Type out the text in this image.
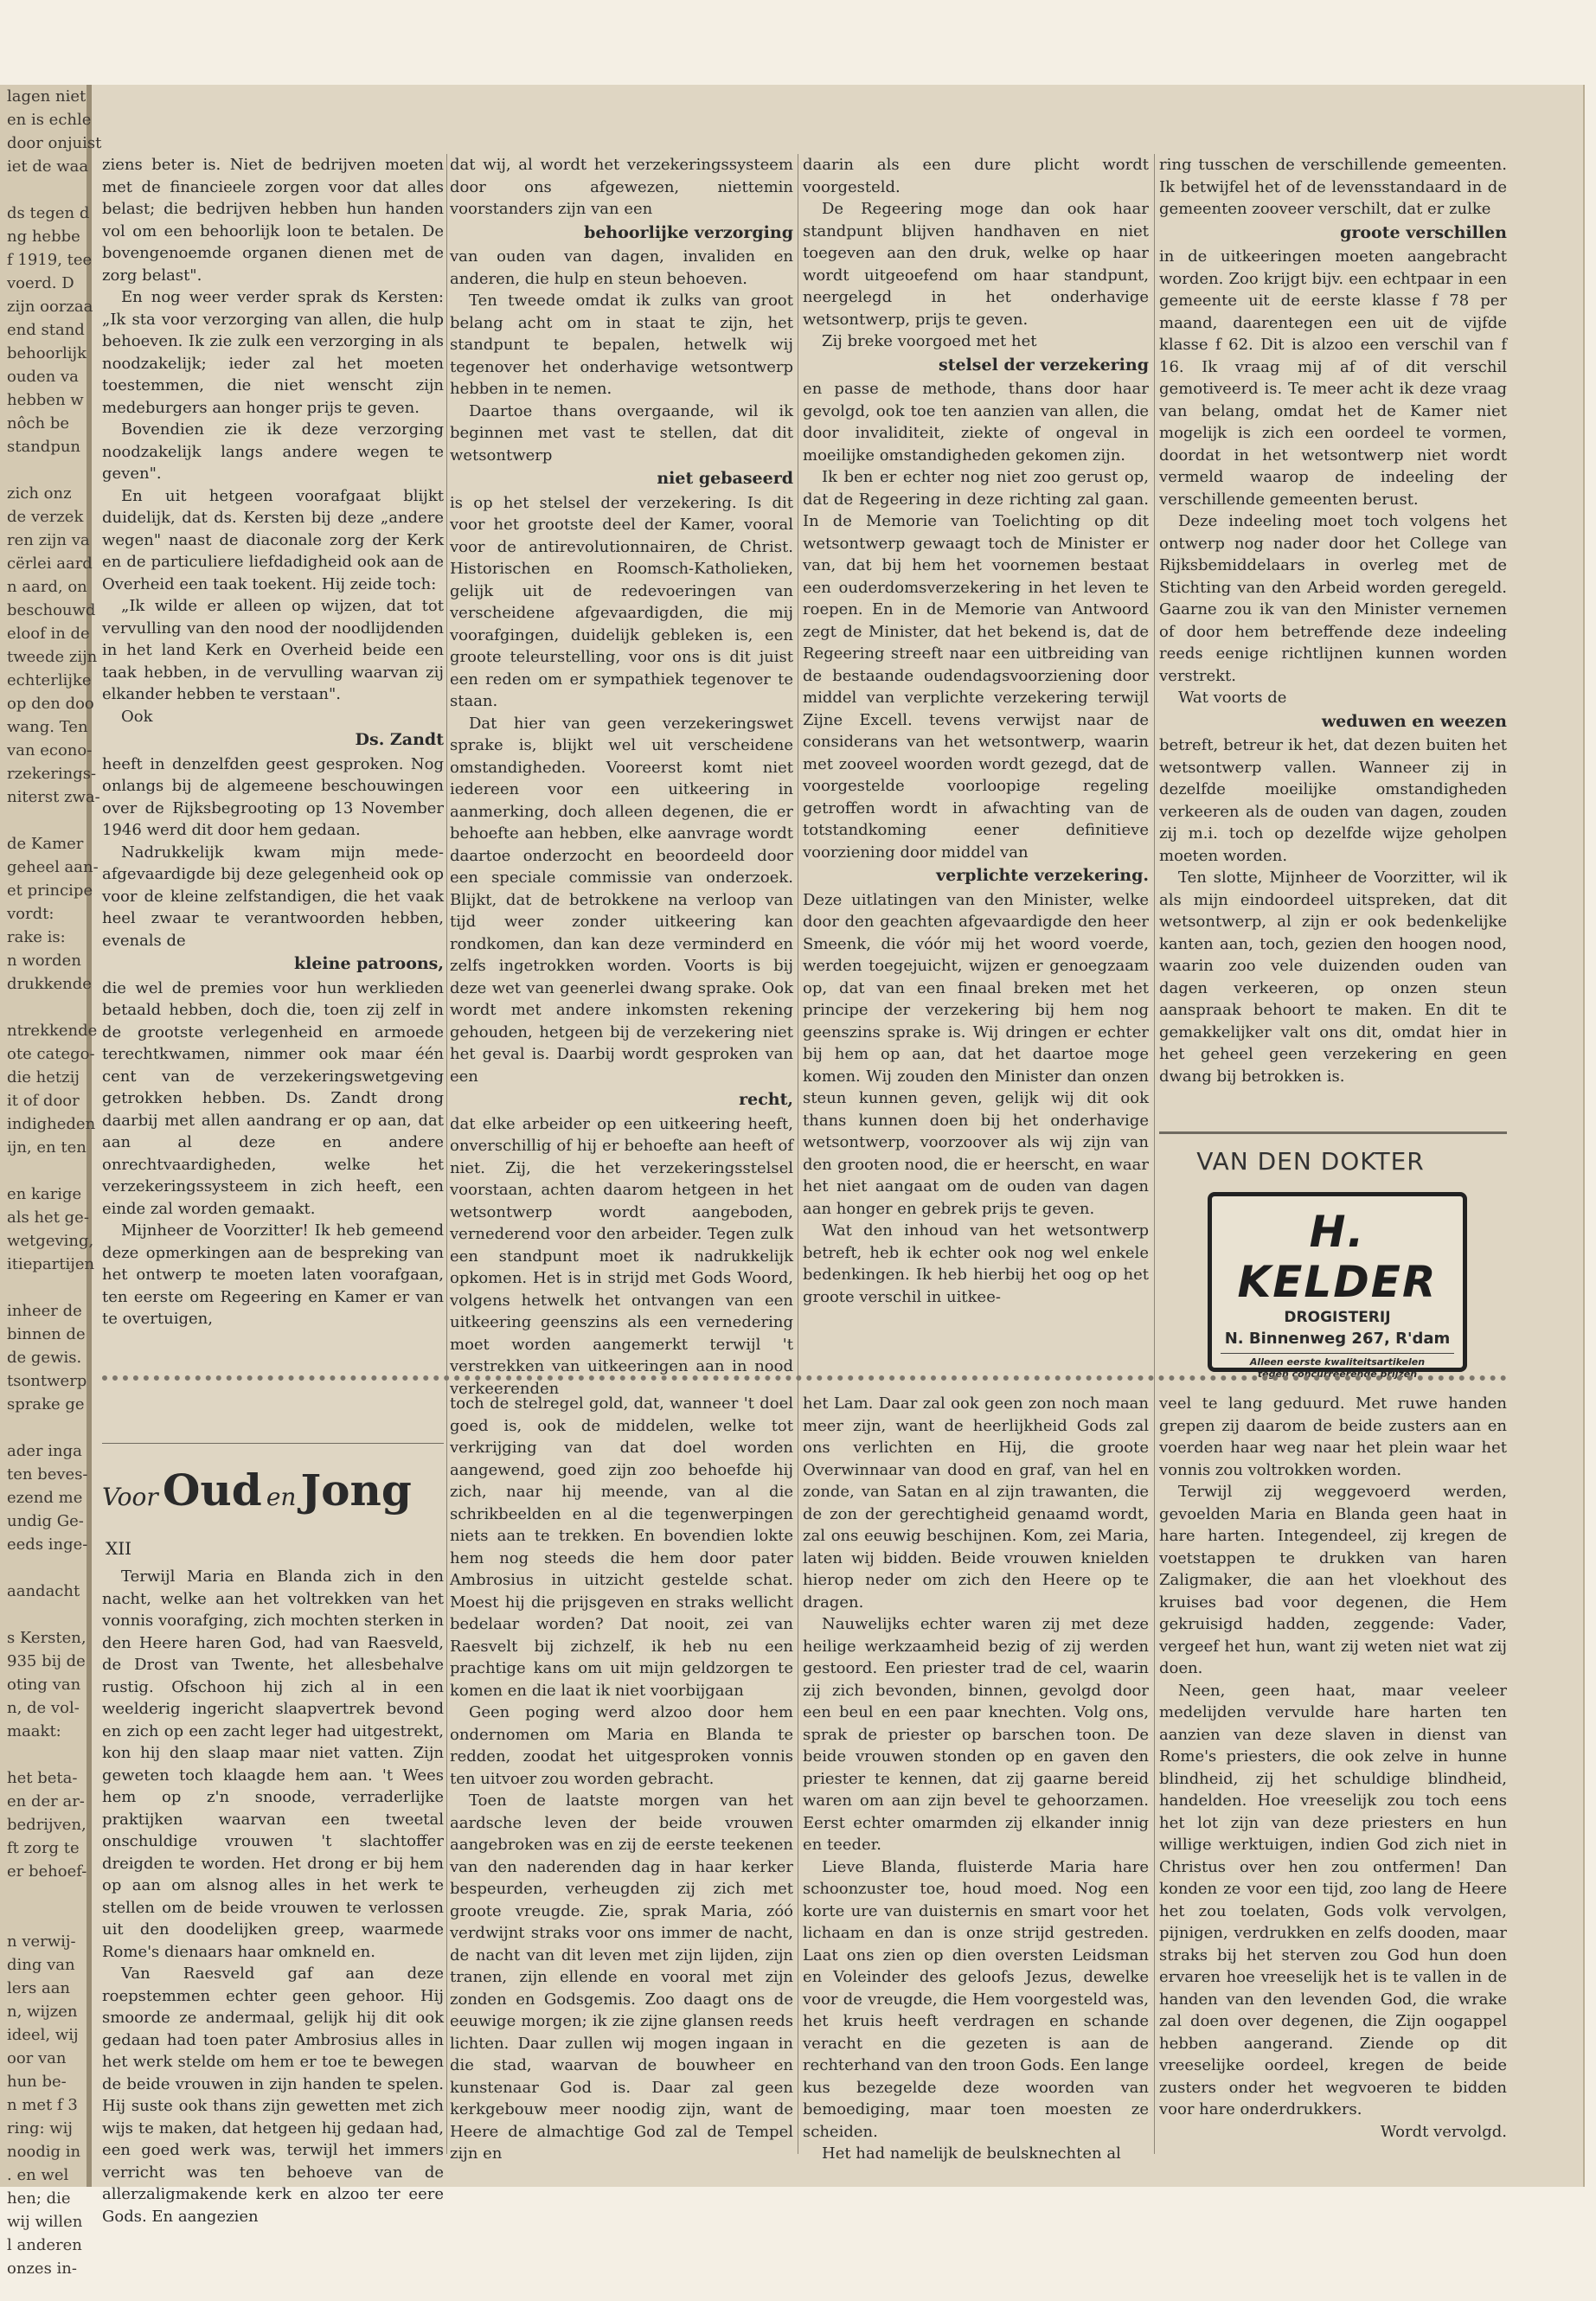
lagen niet

en is echle

door onjuist

iet de waa

ds tegen d

ng hebbe

f 1919, tee

voerd. D

zijn oorzaa

end stand

behoorlijk

ouden va

hebben w

nôch be

standpun

zich onz

de verzek

ren zijn va

cërlei aard

n aard, on

beschouwd

eloof in de

tweede zijn

echterlijke

op den doo

wang. Ten

van econo-

rzekerings-

niterst zwa-

de Kamer

geheel aan-

et principe

vordt:

rake is:

n worden

drukkende

ntrekkende

ote catego-

die hetzij

it of door

indigheden

ijn, en ten

en karige

als het ge-

wetgeving,

itiepartijen

inheer de

binnen de

de gewis.

tsontwerp

sprake ge

ader inga

ten beves-

ezend me

undig Ge-

eeds inge-

aandacht

s Kersten,

935 bij de

oting van

n, de vol-

maakt:

het beta-

en der ar-

bedrijven,

ft zorg te

er behoef-

n verwij-

ding van

lers aan

n, wijzen

ideel, wij

oor van

hun be-

n met f 3

ring: wij

noodig in

. en wel

hen; die

wij willen

l anderen

onzes in-

ziens beter is. Niet de bedrijven moeten met de financieele zorgen voor dat alles belast; die bedrijven hebben hun handen vol om een behoorlijk loon te betalen. De bovengenoemde organen dienen met de zorg belast".

En nog weer verder sprak ds Kersten: „Ik sta voor verzorging van allen, die hulp behoeven. Ik zie zulk een verzorging in als noodzakelijk; ieder zal het moeten toestemmen, die niet wenscht zijn medeburgers aan honger prijs te geven.

Bovendien zie ik deze verzorging noodzakelijk langs andere wegen te geven".

En uit hetgeen voorafgaat blijkt duidelijk, dat ds. Kersten bij deze „andere wegen" naast de diaconale zorg der Kerk en de particuliere liefdadigheid ook aan de Overheid een taak toekent. Hij zeide toch:

„Ik wilde er alleen op wijzen, dat tot vervulling van den nood der noodlijdenden in het land Kerk en Overheid beide een taak hebben, in de vervulling waarvan zij elkander hebben te verstaan".

Ook

Ds. Zandt

heeft in denzelfden geest gesproken. Nog onlangs bij de algemeene beschouwingen over de Rijksbegrooting op 13 November 1946 werd dit door hem gedaan.

Nadrukkelijk kwam mijn mede-afgevaardigde bij deze gelegenheid ook op voor de kleine zelfstandigen, die het vaak heel zwaar te verantwoorden hebben, evenals de

kleine patroons,

die wel de premies voor hun werklieden betaald hebben, doch die, toen zij zelf in de grootste verlegenheid en armoede terechtkwamen, nimmer ook maar één cent van de verzekeringswetgeving getrokken hebben. Ds. Zandt drong daarbij met allen aandrang er op aan, dat aan al deze en andere onrechtvaardigheden, welke het verzekeringssysteem in zich heeft, een einde zal worden gemaakt.

Mijnheer de Voorzitter! Ik heb gemeend deze opmerkingen aan de bespreking van het ontwerp te moeten laten voorafgaan, ten eerste om Regeering en Kamer er van te overtuigen,

dat wij, al wordt het verzekeringssysteem door ons afgewezen, niettemin voorstanders zijn van een

behoorlijke verzorging

van ouden van dagen, invaliden en anderen, die hulp en steun behoeven.

Ten tweede omdat ik zulks van groot belang acht om in staat te zijn, het standpunt te bepalen, hetwelk wij tegenover het onderhavige wetsontwerp hebben in te nemen.

Daartoe thans overgaande, wil ik beginnen met vast te stellen, dat dit wetsontwerp

niet gebaseerd

is op het stelsel der verzekering. Is dit voor het grootste deel der Kamer, vooral voor de antirevolutionnairen, de Christ. Historischen en Roomsch-Katholieken, gelijk uit de redevoeringen van verscheidene afgevaardigden, die mij voorafgingen, duidelijk gebleken is, een groote teleurstelling, voor ons is dit juist een reden om er sympathiek tegenover te staan.

Dat hier van geen verzekeringswet sprake is, blijkt wel uit verscheidene omstandigheden. Vooreerst komt niet iedereen voor een uitkeering in aanmerking, doch alleen degenen, die er behoefte aan hebben, elke aanvrage wordt daartoe onderzocht en beoordeeld door een speciale commissie van onderzoek. Blijkt, dat de betrokkene na verloop van tijd weer zonder uitkeering kan rondkomen, dan kan deze verminderd en zelfs ingetrokken worden. Voorts is bij deze wet van geenerlei dwang sprake. Ook wordt met andere inkomsten rekening gehouden, hetgeen bij de verzekering niet het geval is. Daarbij wordt gesproken van een

recht,

dat elke arbeider op een uitkeering heeft, onverschillig of hij er behoefte aan heeft of niet. Zij, die het verzekeringsstelsel voorstaan, achten daarom hetgeen in het wetsontwerp wordt aangeboden, vernederend voor den arbeider. Tegen zulk een standpunt moet ik nadrukkelijk opkomen. Het is in strijd met Gods Woord, volgens hetwelk het ontvangen van een uitkeering geenszins als een vernedering moet worden aangemerkt terwijl 't verstrekken van uitkeeringen aan in nood verkeerenden

daarin als een dure plicht wordt voorgesteld.

De Regeering moge dan ook haar standpunt blijven handhaven en niet toegeven aan den druk, welke op haar wordt uitgeoefend om haar standpunt, neergelegd in het onderhavige wetsontwerp, prijs te geven.

Zij breke voorgoed met het

stelsel der verzekering

en passe de methode, thans door haar gevolgd, ook toe ten aanzien van allen, die door invaliditeit, ziekte of ongeval in moeilijke omstandigheden gekomen zijn.

Ik ben er echter nog niet zoo gerust op, dat de Regeering in deze richting zal gaan. In de Memorie van Toelichting op dit wetsontwerp gewaagt toch de Minister er van, dat bij hem het voornemen bestaat een ouderdomsverzekering in het leven te roepen. En in de Memorie van Antwoord zegt de Minister, dat het bekend is, dat de Regeering streeft naar een uitbreiding van de bestaande oudendagsvoorziening door middel van verplichte verzekering terwijl Zijne Excell. tevens verwijst naar de considerans van het wetsontwerp, waarin met zooveel woorden wordt gezegd, dat de voorgestelde voorloopige regeling getroffen wordt in afwachting van de totstandkoming eener definitieve voorziening door middel van

verplichte verzekering.

Deze uitlatingen van den Minister, welke door den geachten afgevaardigde den heer Smeenk, die vóór mij het woord voerde, werden toegejuicht, wijzen er genoegzaam op, dat van een finaal breken met het principe der verzekering bij hem nog geenszins sprake is. Wij dringen er echter bij hem op aan, dat het daartoe moge komen. Wij zouden den Minister dan onzen steun kunnen geven, gelijk wij dit ook thans kunnen doen bij het onderhavige wetsontwerp, voorzoover als wij zijn van den grooten nood, die er heerscht, en waar het niet aangaat om de ouden van dagen aan honger en gebrek prijs te geven.

Wat den inhoud van het wetsontwerp betreft, heb ik echter ook nog wel enkele bedenkingen. Ik heb hierbij het oog op het groote verschil in uitkee-

ring tusschen de verschillende gemeenten. Ik betwijfel het of de levensstandaard in de gemeenten zooveer verschilt, dat er zulke

groote verschillen

in de uitkeeringen moeten aangebracht worden. Zoo krijgt bijv. een echtpaar in een gemeente uit de eerste klasse f 78 per maand, daarentegen een uit de vijfde klasse f 62. Dit is alzoo een verschil van f 16. Ik vraag mij af of dit verschil gemotiveerd is. Te meer acht ik deze vraag van belang, omdat het de Kamer niet mogelijk is zich een oordeel te vormen, doordat in het wetsontwerp niet wordt vermeld waarop de indeeling der verschillende gemeenten berust.

Deze indeeling moet toch volgens het ontwerp nog nader door het College van Rijksbemiddelaars in overleg met de Stichting van den Arbeid worden geregeld. Gaarne zou ik van den Minister vernemen of door hem betreffende deze indeeling reeds eenige richtlijnen kunnen worden verstrekt.

Wat voorts de

weduwen en weezen

betreft, betreur ik het, dat dezen buiten het wetsontwerp vallen. Wanneer zij in dezelfde moeilijke omstandigheden verkeeren als de ouden van dagen, zouden zij m.i. toch op dezelfde wijze geholpen moeten worden.

Ten slotte, Mijnheer de Voorzitter, wil ik als mijn eindoordeel uitspreken, dat dit wetsontwerp, al zijn er ook bedenkelijke kanten aan, toch, gezien den hoogen nood, waarin zoo vele duizenden ouden van dagen verkeeren, op onzen steun aanspraak behoort te maken. En dit te gemakkelijker valt ons dit, omdat hier in het geheel geen verzekering en geen dwang bij betrokken is.

VAN DEN DOKTER
H. KELDER
DROGISTERIJ
N. Binnenweg 267, R'dam
Alleen eerste kwaliteitsartikelen
tegen concurreerende prijzen
Voor Oud en Jong
XII

Terwijl Maria en Blanda zich in den nacht, welke aan het voltrekken van het vonnis voorafging, zich mochten sterken in den Heere haren God, had van Raesveld, de Drost van Twente, het allesbehalve rustig. Ofschoon hij zich al in een weelderig ingericht slaapvertrek bevond en zich op een zacht leger had uitgestrekt, kon hij den slaap maar niet vatten. Zijn geweten toch klaagde hem aan. 't Wees hem op z'n snoode, verraderlijke praktijken waarvan een tweetal onschuldige vrouwen 't slachtoffer dreigden te worden. Het drong er bij hem op aan om alsnog alles in het werk te stellen om de beide vrouwen te verlossen uit den doodelijken greep, waarmede Rome's dienaars haar omkneld en.

Van Raesveld gaf aan deze roepstemmen echter geen gehoor. Hij smoorde ze andermaal, gelijk hij dit ook gedaan had toen pater Ambrosius alles in het werk stelde om hem er toe te bewegen de beide vrouwen in zijn handen te spelen. Hij suste ook thans zijn gewetten met zich wijs te maken, dat hetgeen hij gedaan had, een goed werk was, terwijl het immers verricht was ten behoeve van de allerzaligmakende kerk en alzoo ter eere Gods. En aangezien

toch de stelregel gold, dat, wanneer 't doel goed is, ook de middelen, welke tot verkrijging van dat doel worden aangewend, goed zijn zoo behoefde hij zich, naar hij meende, van al die schrikbeelden en al die tegenwerpingen niets aan te trekken. En bovendien lokte hem nog steeds die hem door pater Ambrosius in uitzicht gestelde schat. Moest hij die prijsgeven en straks wellicht bedelaar worden? Dat nooit, zei van Raesvelt bij zichzelf, ik heb nu een prachtige kans om uit mijn geldzorgen te komen en die laat ik niet voorbijgaan

Geen poging werd alzoo door hem ondernomen om Maria en Blanda te redden, zoodat het uitgesproken vonnis ten uitvoer zou worden gebracht.

Toen de laatste morgen van het aardsche leven der beide vrouwen aangebroken was en zij de eerste teekenen van den naderenden dag in haar kerker bespeurden, verheugden zij zich met groote vreugde. Zie, sprak Maria, zóó verdwijnt straks voor ons immer de nacht, de nacht van dit leven met zijn lijden, zijn tranen, zijn ellende en vooral met zijn zonden en Godsgemis. Zoo daagt ons de eeuwige morgen; ik zie zijne glansen reeds lichten. Daar zullen wij mogen ingaan in die stad, waarvan de bouwheer en kunstenaar God is. Daar zal geen kerkgebouw meer noodig zijn, want de Heere de almachtige God zal de Tempel zijn en

het Lam. Daar zal ook geen zon noch maan meer zijn, want de heerlijkheid Gods zal ons verlichten en Hij, die groote Overwinnaar van dood en graf, van hel en zonde, van Satan en al zijn trawanten, die de zon der gerechtigheid genaamd wordt, zal ons eeuwig beschijnen. Kom, zei Maria, laten wij bidden. Beide vrouwen knielden hierop neder om zich den Heere op te dragen.

Nauwelijks echter waren zij met deze heilige werkzaamheid bezig of zij werden gestoord. Een priester trad de cel, waarin zij zich bevonden, binnen, gevolgd door een beul en een paar knechten. Volg ons, sprak de priester op barschen toon. De beide vrouwen stonden op en gaven den priester te kennen, dat zij gaarne bereid waren om aan zijn bevel te gehoorzamen. Eerst echter omarmden zij elkander innig en teeder.

Lieve Blanda, fluisterde Maria hare schoonzuster toe, houd moed. Nog een korte ure van duisternis en smart voor het lichaam en dan is onze strijd gestreden. Laat ons zien op dien oversten Leidsman en Voleinder des geloofs Jezus, dewelke voor de vreugde, die Hem voorgesteld was, het kruis heeft verdragen en schande veracht en die gezeten is aan de rechterhand van den troon Gods. Een lange kus bezegelde deze woorden van bemoediging, maar toen moesten ze scheiden.

Het had namelijk de beulsknechten al

veel te lang geduurd. Met ruwe handen grepen zij daarom de beide zusters aan en voerden haar weg naar het plein waar het vonnis zou voltrokken worden.

Terwijl zij weggevoerd werden, gevoelden Maria en Blanda geen haat in hare harten. Integendeel, zij kregen de voetstappen te drukken van haren Zaligmaker, die aan het vloekhout des kruises bad voor degenen, die Hem gekruisigd hadden, zeggende: Vader, vergeef het hun, want zij weten niet wat zij doen.

Neen, geen haat, maar veeleer medelijden vervulde hare harten ten aanzien van deze slaven in dienst van Rome's priesters, die ook zelve in hunne blindheid, zij het schuldige blindheid, handelden. Hoe vreeselijk zou toch eens het lot zijn van deze priesters en hun willige werktuigen, indien God zich niet in Christus over hen zou ontfermen! Dan konden ze voor een tijd, zoo lang de Heere het zou toelaten, Gods volk vervolgen, pijnigen, verdrukken en zelfs dooden, maar straks bij het sterven zou God hun doen ervaren hoe vreeselijk het is te vallen in de handen van den levenden God, die wrake zal doen over degenen, die Zijn oogappel hebben aangerand. Ziende op dit vreeselijke oordeel, kregen de beide zusters onder het wegvoeren te bidden voor hare onderdrukkers.

Wordt vervolgd.
